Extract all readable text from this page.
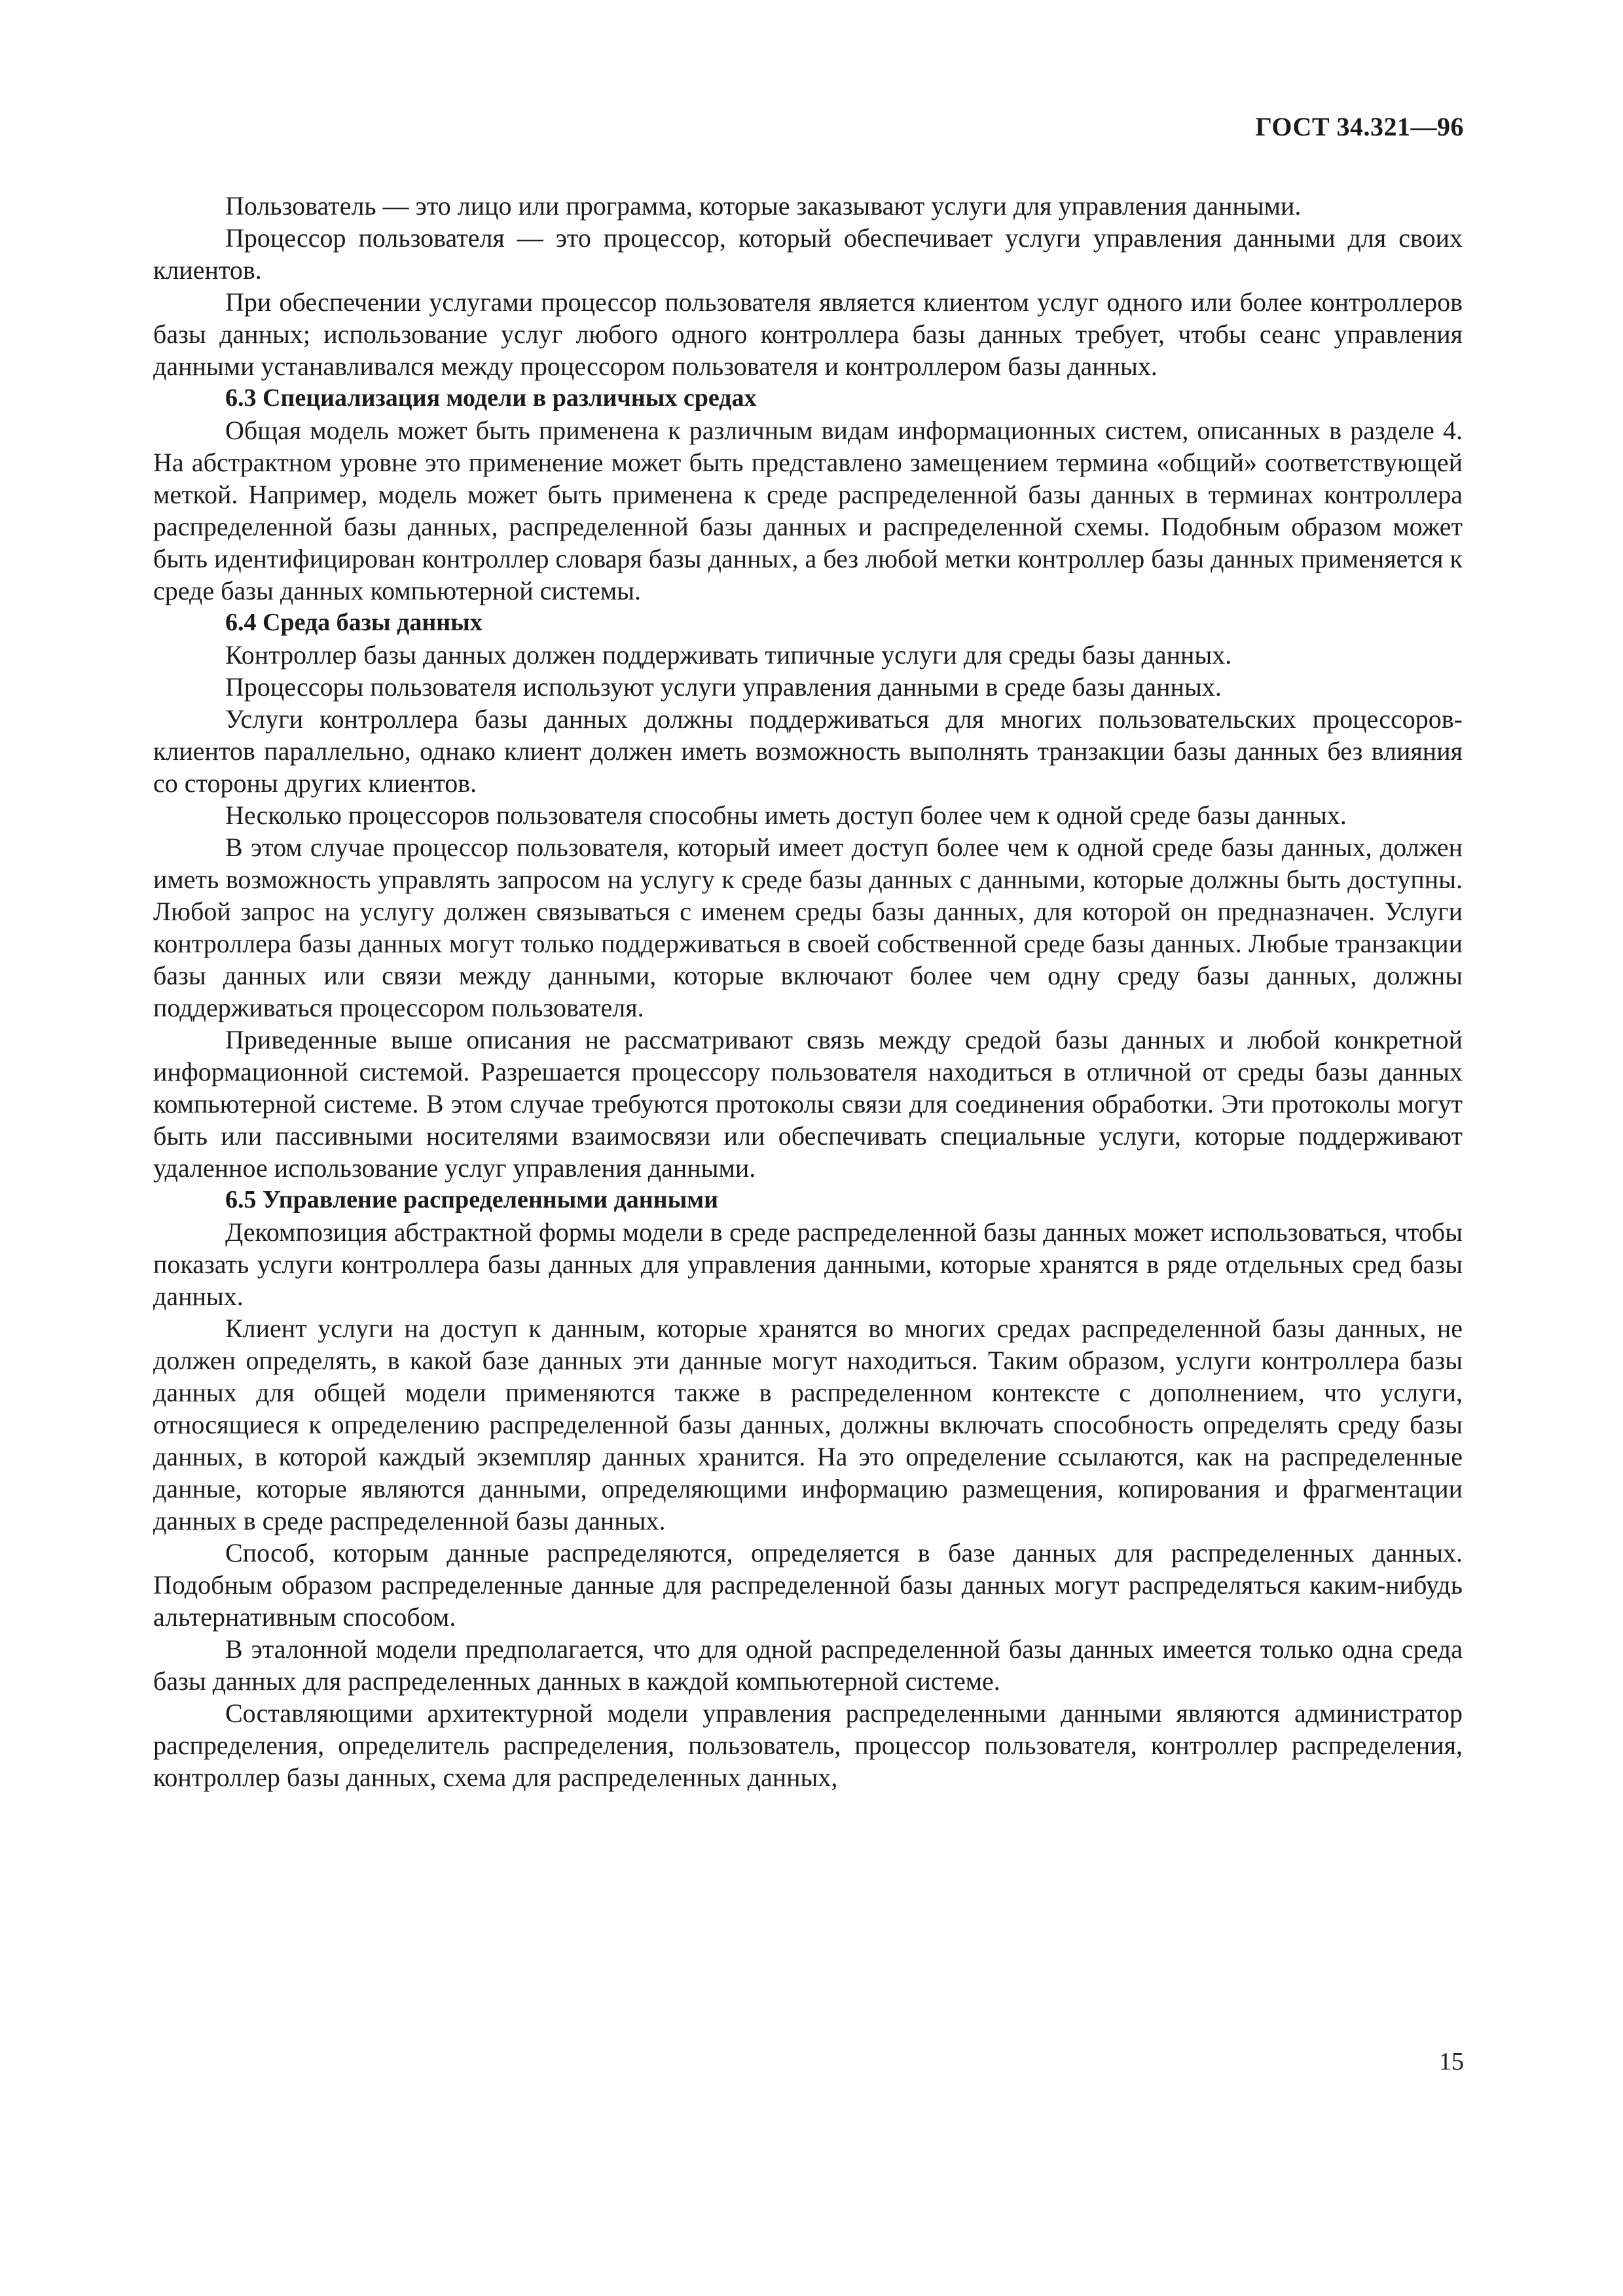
ГОСТ 34.321—96

Пользователь — это лицо или программа, которые заказывают услуги для управления данными.

Процессор пользователя — это процессор, который обеспечивает услуги управления данными для своих клиентов.

При обеспечении услугами процессор пользователя является клиентом услуг одного или более контроллеров базы данных; использование услуг любого одного контроллера базы данных требует, чтобы сеанс управления данными устанавливался между процессором пользователя и контроллером базы данных.

6.3 Специализация модели в различных средах

Общая модель может быть применена к различным видам информационных систем, описанных в разделе 4. На абстрактном уровне это применение может быть представлено замещением термина «общий» соответствующей меткой. Например, модель может быть применена к среде распределенной базы данных в терминах контроллера распределенной базы данных, распределенной базы данных и распределенной схемы. Подобным образом может быть идентифицирован контроллер словаря базы данных, а без любой метки контроллер базы данных применяется к среде базы данных компьютерной системы.

6.4 Среда базы данных

Контроллер базы данных должен поддерживать типичные услуги для среды базы данных.

Процессоры пользователя используют услуги управления данными в среде базы данных.

Услуги контроллера базы данных должны поддерживаться для многих пользовательских процессоров-клиентов параллельно, однако клиент должен иметь возможность выполнять транзакции базы данных без влияния со стороны других клиентов.

Несколько процессоров пользователя способны иметь доступ более чем к одной среде базы данных.

В этом случае процессор пользователя, который имеет доступ более чем к одной среде базы данных, должен иметь возможность управлять запросом на услугу к среде базы данных с данными, которые должны быть доступны. Любой запрос на услугу должен связываться с именем среды базы данных, для которой он предназначен. Услуги контроллера базы данных могут только поддерживаться в своей собственной среде базы данных. Любые транзакции базы данных или связи между данными, которые включают более чем одну среду базы данных, должны поддерживаться процессором пользователя.

Приведенные выше описания не рассматривают связь между средой базы данных и любой конкретной информационной системой. Разрешается процессору пользователя находиться в отличной от среды базы данных компьютерной системе. В этом случае требуются протоколы связи для соединения обработки. Эти протоколы могут быть или пассивными носителями взаимосвязи или обеспечивать специальные услуги, которые поддерживают удаленное использование услуг управления данными.

6.5 Управление распределенными данными

Декомпозиция абстрактной формы модели в среде распределенной базы данных может использоваться, чтобы показать услуги контроллера базы данных для управления данными, которые хранятся в ряде отдельных сред базы данных.

Клиент услуги на доступ к данным, которые хранятся во многих средах распределенной базы данных, не должен определять, в какой базе данных эти данные могут находиться. Таким образом, услуги контроллера базы данных для общей модели применяются также в распределенном контексте с дополнением, что услуги, относящиеся к определению распределенной базы данных, должны включать способность определять среду базы данных, в которой каждый экземпляр данных хранится. На это определение ссылаются, как на распределенные данные, которые являются данными, определяющими информацию размещения, копирования и фрагментации данных в среде распределенной базы данных.

Способ, которым данные распределяются, определяется в базе данных для распределенных данных. Подобным образом распределенные данные для распределенной базы данных могут распределяться каким-нибудь альтернативным способом.

В эталонной модели предполагается, что для одной распределенной базы данных имеется только одна среда базы данных для распределенных данных в каждой компьютерной системе.

Составляющими архитектурной модели управления распределенными данными являются администратор распределения, определитель распределения, пользователь, процессор пользователя, контроллер распределения, контроллер базы данных, схема для распределенных данных,

15
